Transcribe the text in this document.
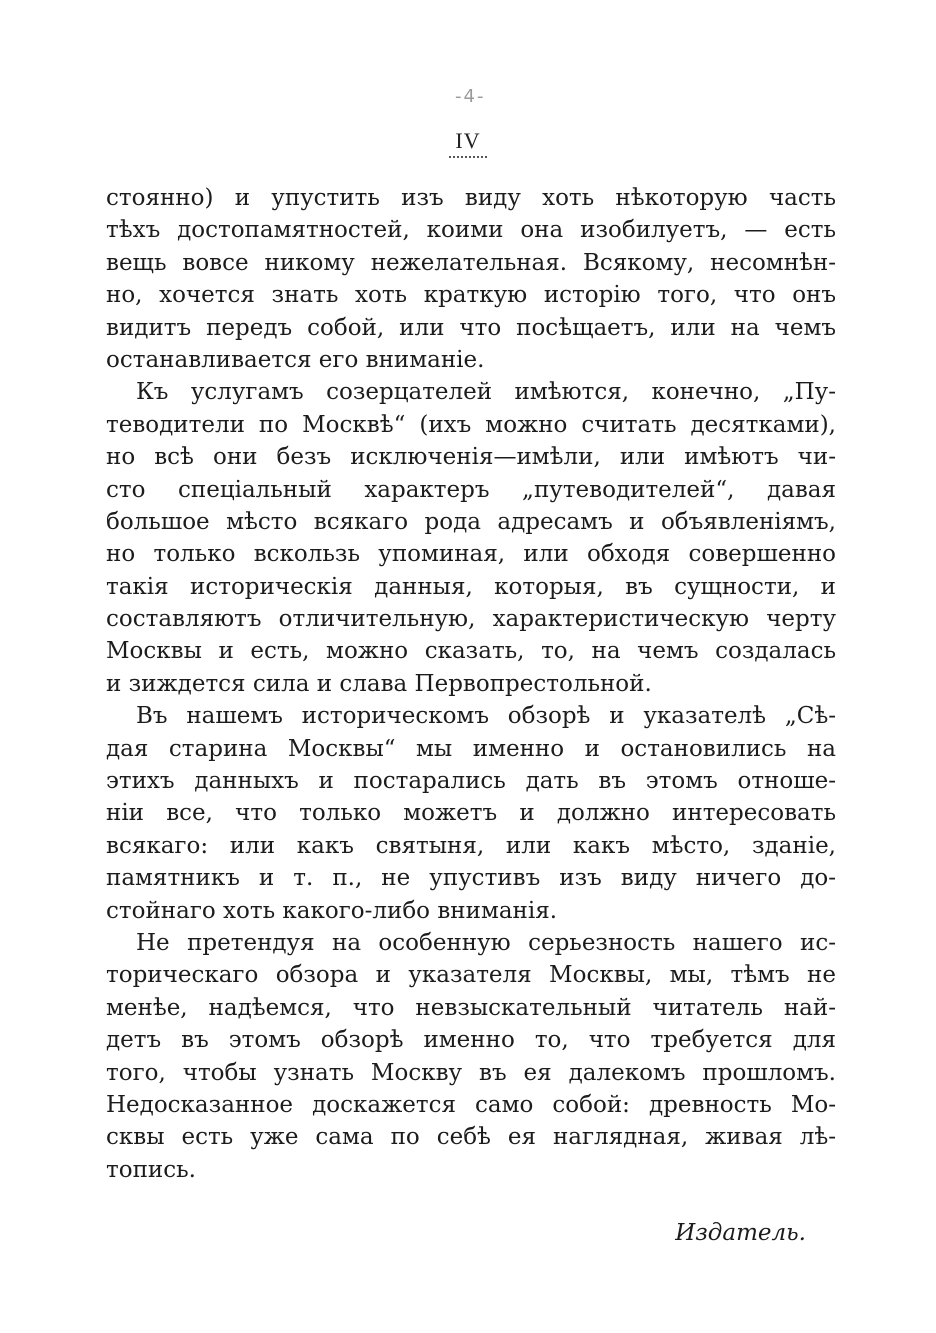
-4-
IV
стоянно) и упустить изъ виду хоть нѣкоторую часть
тѣхъ достопамятностей, коими она изобилуетъ, — есть
вещь вовсе никому нежелательная. Всякому, несомнѣн-
но, хочется знать хоть краткую исторію того, что онъ
видитъ передъ собой, или что посѣщаетъ, или на чемъ
останавливается его вниманіе.
Къ услугамъ созерцателей имѣются, конечно, „Пу-
теводители по Москвѣ“ (ихъ можно считать десятками),
но всѣ они безъ исключенія—имѣли, или имѣютъ чи-
сто спеціальный характеръ „путеводителей“, давая
большое мѣсто всякаго рода адресамъ и объявленіямъ,
но только вскользь упоминая, или обходя совершенно
такія историческія данныя, которыя, въ сущности, и
составляютъ отличительную, характеристическую черту
Москвы и есть, можно сказать, то, на чемъ создалась
и зиждется сила и слава Первопрестольной.
Въ нашемъ историческомъ обзорѣ и указателѣ „Сѣ-
дая старина Москвы“ мы именно и остановились на
этихъ данныхъ и постарались дать въ этомъ отноше-
ніи все, что только можетъ и должно интересовать
всякаго: или какъ святыня, или какъ мѣсто, зданіе,
памятникъ и т. п., не упустивъ изъ виду ничего до-
стойнаго хоть какого-либо вниманія.
Не претендуя на особенную серьезность нашего ис-
торическаго обзора и указателя Москвы, мы, тѣмъ не
менѣе, надѣемся, что невзыскательный читатель най-
детъ въ этомъ обзорѣ именно то, что требуется для
того, чтобы узнать Москву въ ея далекомъ прошломъ.
Недосказанное доскажется само собой: древность Мо-
сквы есть уже сама по себѣ ея наглядная, живая лѣ-
топись.
Издатель.
